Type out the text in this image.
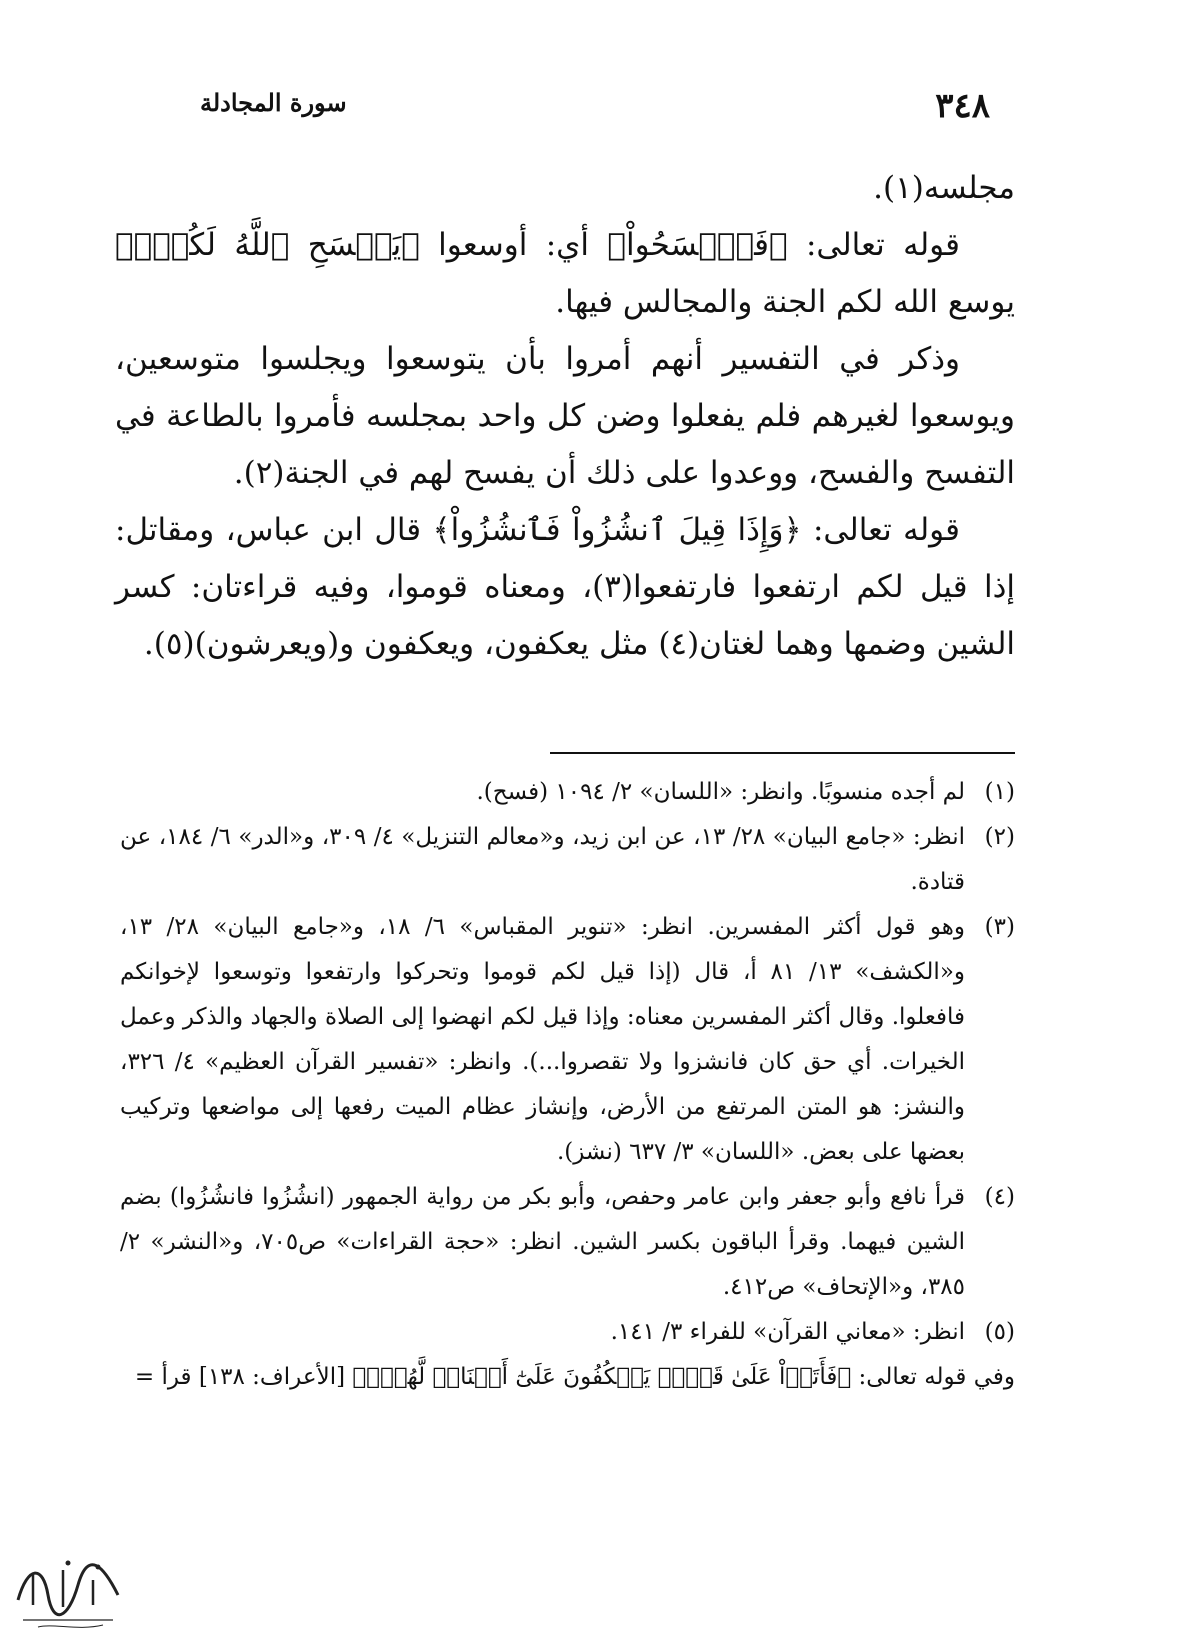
٣٤٨
سورة المجادلة

مجلسه(١).

قوله تعالى: ﴿فَٱفۡسَحُواْ﴾ أي: أوسعوا ﴿يَفۡسَحِ ٱللَّهُ لَكُمۡۖ﴾ يوسع الله لكم الجنة والمجالس فيها.

وذكر في التفسير أنهم أمروا بأن يتوسعوا ويجلسوا متوسعين، ويوسعوا لغيرهم فلم يفعلوا وضن كل واحد بمجلسه فأمروا بالطاعة في التفسح والفسح، ووعدوا على ذلك أن يفسح لهم في الجنة(٢).

قوله تعالى: ﴿وَإِذَا قِيلَ ٱنشُزُواْ فَٱنشُزُواْ﴾ قال ابن عباس، ومقاتل: إذا قيل لكم ارتفعوا فارتفعوا(٣)، ومعناه قوموا، وفيه قراءتان: كسر الشين وضمها وهما لغتان(٤) مثل يعكفون، ويعكفون و(ويعرشون)(٥).

(١)
لم أجده منسوبًا. وانظر: «اللسان» ٢/ ١٠٩٤ (فسح).
(٢)
انظر: «جامع البيان» ٢٨/ ١٣، عن ابن زيد، و«معالم التنزيل» ٤/ ٣٠٩، و«الدر» ٦/ ١٨٤، عن قتادة.
(٣)
وهو قول أكثر المفسرين. انظر: «تنوير المقباس» ٦/ ١٨، و«جامع البيان» ٢٨/ ١٣، و«الكشف» ١٣/ ٨١ أ، قال (إذا قيل لكم قوموا وتحركوا وارتفعوا وتوسعوا لإخوانكم فافعلوا. وقال أكثر المفسرين معناه: وإذا قيل لكم انهضوا إلى الصلاة والجهاد والذكر وعمل الخيرات. أي حق كان فانشزوا ولا تقصروا...). وانظر: «تفسير القرآن العظيم» ٤/ ٣٢٦، والنشز: هو المتن المرتفع من الأرض، وإنشاز عظام الميت رفعها إلى مواضعها وتركيب بعضها على بعض. «اللسان» ٣/ ٦٣٧ (نشز).
(٤)
قرأ نافع وأبو جعفر وابن عامر وحفص، وأبو بكر من رواية الجمهور (انشُزُوا فانشُزُوا) بضم الشين فيهما. وقرأ الباقون بكسر الشين. انظر: «حجة القراءات» ص٧٠٥، و«النشر» ٢/ ٣٨٥، و«الإتحاف» ص٤١٢.
(٥)
انظر: «معاني القرآن» للفراء ٣/ ١٤١.

وفي قوله تعالى: ﴿فَأَتَوۡاْ عَلَىٰ قَوۡمٖ يَعۡكُفُونَ عَلَىٰٓ أَصۡنَامٖ لَّهُمۡۚ﴾ [الأعراف: ١٣٨] قرأ =
